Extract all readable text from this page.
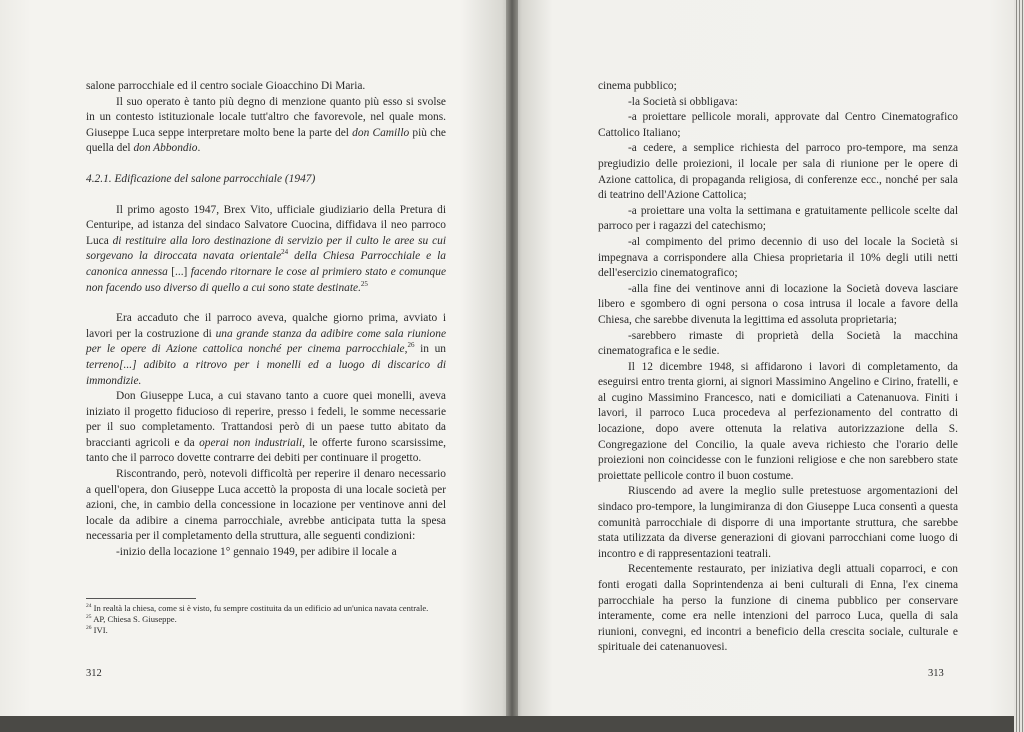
salone parrocchiale ed il centro sociale Gioacchino Di Maria.

Il suo operato è tanto più degno di menzione quanto più esso si svolse in un contesto istituzionale locale tutt'altro che favorevole, nel quale mons. Giuseppe Luca seppe interpretare molto bene la parte del don Camillo più che quella del don Abbondio.

4.2.1. Edificazione del salone parrocchiale (1947)

Il primo agosto 1947, Brex Vito, ufficiale giudiziario della Pretura di Centuripe, ad istanza del sindaco Salvatore Cuocina, diffidava il neo parroco Luca di restituire alla loro destinazione di servizio per il culto le aree su cui sorgevano la diroccata navata orientale$^{24}$ della Chiesa Parrocchiale e la canonica annessa [...] facendo ritornare le cose al primiero stato e comunque non facendo uso diverso di quello a cui sono state destinate.$^{25}$

Era accaduto che il parroco aveva, qualche giorno prima, avviato i lavori per la costruzione di una grande stanza da adibire come sala riunione per le opere di Azione cattolica nonché per cinema parrocchiale,$^{26}$ in un terreno[...] adibito a ritrovo per i monelli ed a luogo di discarico di immondizie.

Don Giuseppe Luca, a cui stavano tanto a cuore quei monelli, aveva iniziato il progetto fiducioso di reperire, presso i fedeli, le somme necessarie per il suo completamento. Trattandosi però di un paese tutto abitato da braccianti agricoli e da operai non industriali, le offerte furono scarsissime, tanto che il parroco dovette contrarre dei debiti per continuare il progetto.

Riscontrando, però, notevoli difficoltà per reperire il denaro necessario a quell'opera, don Giuseppe Luca accettò la proposta di una locale società per azioni, che, in cambio della concessione in locazione per ventinove anni del locale da adibire a cinema parrocchiale, avrebbe anticipata tutta la spesa necessaria per il completamento della struttura, alle seguenti condizioni:

-inizio della locazione 1° gennaio 1949, per adibire il locale a

$^{24}$ In realtà la chiesa, come si è visto, fu sempre costituita da un edificio ad un'unica navata centrale.

$^{25}$ AP, Chiesa S. Giuseppe.

$^{26}$ IVI.

312

cinema pubblico;

-la Società si obbligava:

-a proiettare pellicole morali, approvate dal Centro Cinematografico Cattolico Italiano;

-a cedere, a semplice richiesta del parroco pro-tempore, ma senza pregiudizio delle proiezioni, il locale per sala di riunione per le opere di Azione cattolica, di propaganda religiosa, di conferenze ecc., nonché per sala di teatrino dell'Azione Cattolica;

-a proiettare una volta la settimana e gratuitamente pellicole scelte dal parroco per i ragazzi del catechismo;

-al compimento del primo decennio di uso del locale la Società si impegnava a corrispondere alla Chiesa proprietaria il 10% degli utili netti dell'esercizio cinematografico;

-alla fine dei ventinove anni di locazione la Società doveva lasciare libero e sgombero di ogni persona o cosa intrusa il locale a favore della Chiesa, che sarebbe divenuta la legittima ed assoluta proprietaria;

-sarebbero rimaste di proprietà della Società la macchina cinematografica e le sedie.

Il 12 dicembre 1948, si affidarono i lavori di completamento, da eseguirsi entro trenta giorni, ai signori Massimino Angelino e Cirino, fratelli, e al cugino Massimino Francesco, nati e domiciliati a Catenanuova. Finiti i lavori, il parroco Luca procedeva al perfezionamento del contratto di locazione, dopo avere ottenuta la relativa autorizzazione della S. Congregazione del Concilio, la quale aveva richiesto che l'orario delle proiezioni non coincidesse con le funzioni religiose e che non sarebbero state proiettate pellicole contro il buon costume.

Riuscendo ad avere la meglio sulle pretestuose argomentazioni del sindaco pro-tempore, la lungimiranza di don Giuseppe Luca consentì a questa comunità parrocchiale di disporre di una importante struttura, che sarebbe stata utilizzata da diverse generazioni di giovani parrocchiani come luogo di incontro e di rappresentazioni teatrali.

Recentemente restaurato, per iniziativa degli attuali coparroci, e con fonti erogati dalla Soprintendenza ai beni culturali di Enna, l'ex cinema parrocchiale ha perso la funzione di cinema pubblico per conservare interamente, come era nelle intenzioni del parroco Luca, quella di sala riunioni, convegni, ed incontri a beneficio della crescita sociale, culturale e spirituale dei catenanuovesi.

313
